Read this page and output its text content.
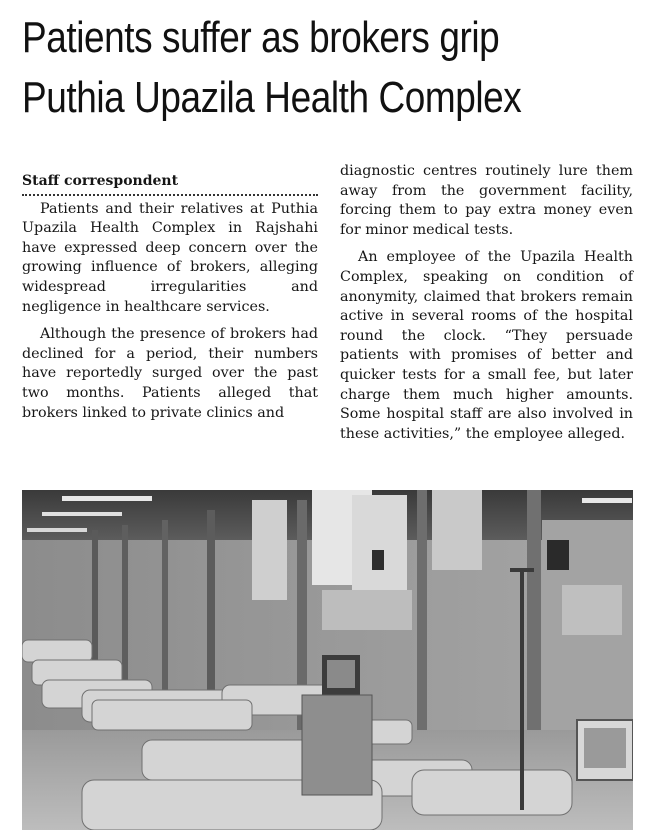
Patients suffer as brokers grip
Puthia Upazila Health Complex
Staff correspondent

Patients and their relatives at Puthia Upazila Health Complex in Rajshahi have expressed deep concern over the growing influence of brokers, alleging widespread irregularities and negligence in healthcare services.

Although the presence of brokers had declined for a period, their numbers have reportedly surged over the past two months. Patients alleged that brokers linked to private clinics and

diagnostic centres routinely lure them away from the government facility, forcing them to pay extra money even for minor medical tests.

An employee of the Upazila Health Complex, speaking on condition of anonymity, claimed that brokers remain active in several rooms of the hospital round the clock. “They persuade patients with promises of better and quicker tests for a small fee, but later charge them much higher amounts. Some hospital staff are also involved in these activities,” the employee alleged.
